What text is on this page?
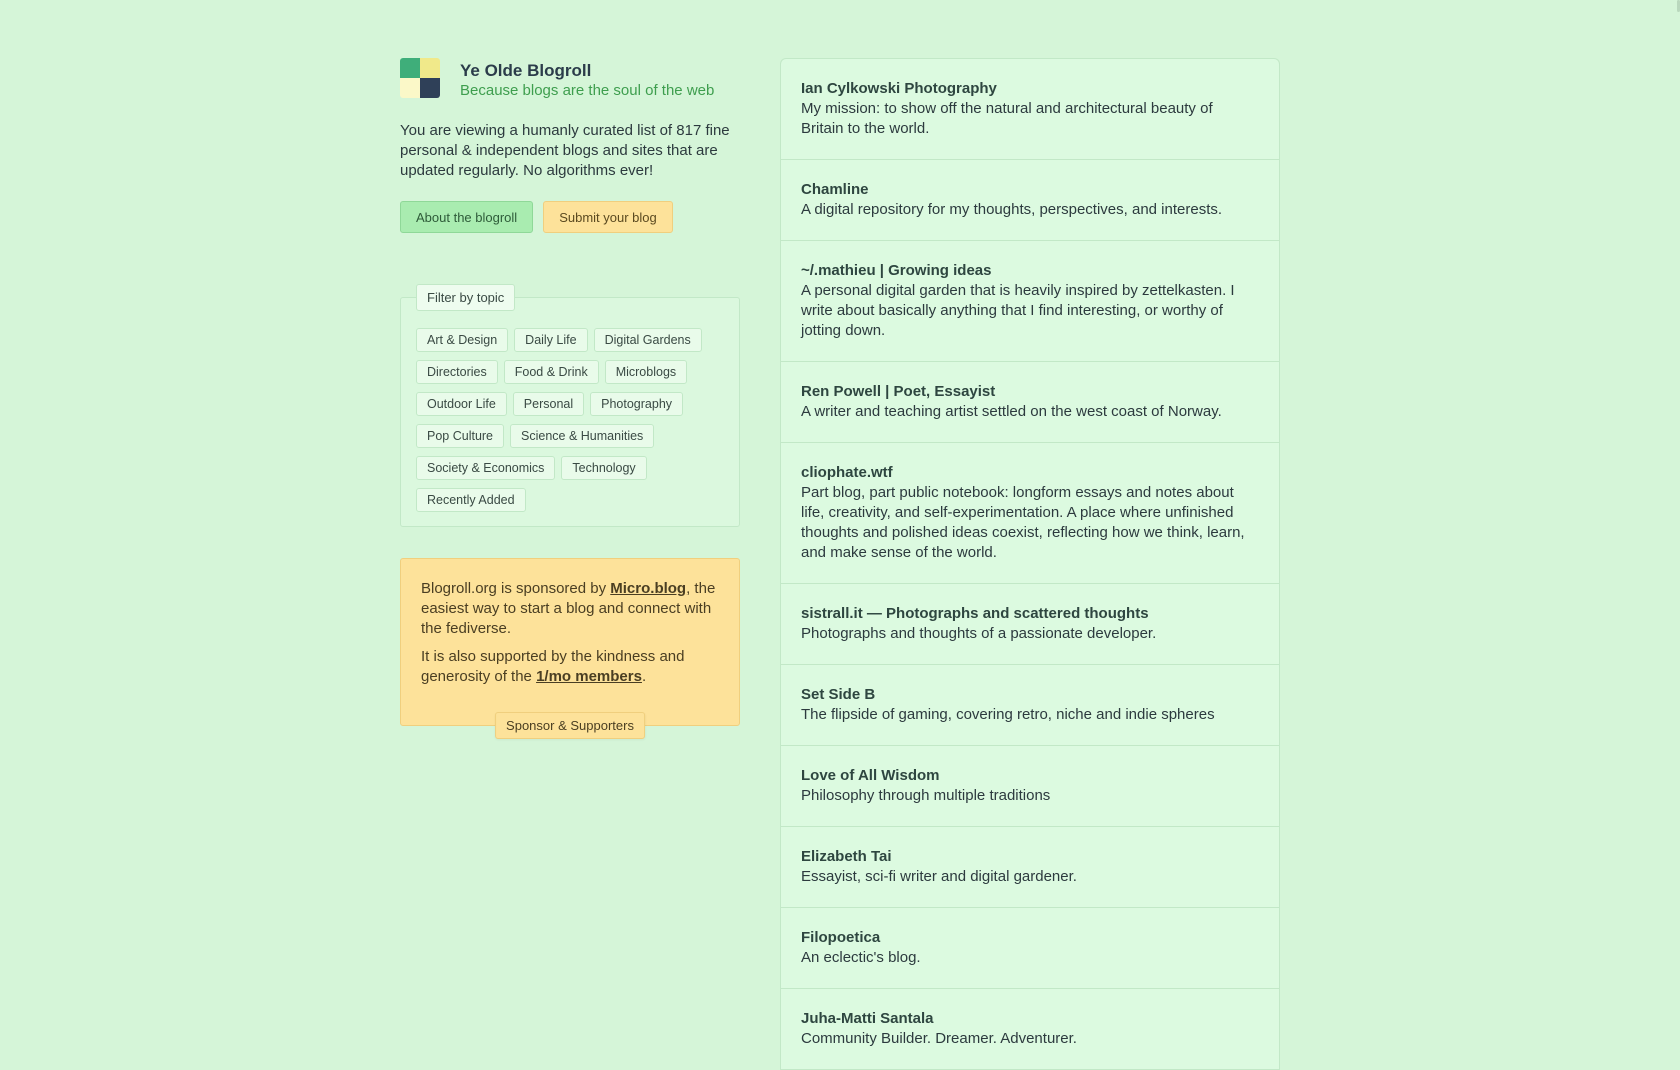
Ye Olde Blogroll
Because blogs are the soul of the web
You are viewing a humanly curated list of 817 fine personal & independent blogs and sites that are updated regularly. No algorithms ever!
About the blogroll	Submit your blog
Filter by topic
Art & Design	Daily Life	Digital Gardens
Directories	Food & Drink	Microblogs
Outdoor Life	Personal	Photography
Pop Culture	Science & Humanities
Society & Economics	Technology
Recently Added

Blogroll.org is sponsored by Micro.blog, the easiest way to start a blog and connect with the fediverse.

It is also supported by the kindness and generosity of the 1/mo members.

Sponsor & Supporters
Ian Cylkowski Photography
My mission: to show off the natural and architectural beauty of Britain to the world.
Chamline
A digital repository for my thoughts, perspectives, and interests.
~/.mathieu | Growing ideas
A personal digital garden that is heavily inspired by zettelkasten. I write about basically anything that I find interesting, or worthy of jotting down.
Ren Powell | Poet, Essayist
A writer and teaching artist settled on the west coast of Norway.
cliophate.wtf
Part blog, part public notebook: longform essays and notes about life, creativity, and self-experimentation. A place where unfinished thoughts and polished ideas coexist, reflecting how we think, learn, and make sense of the world.
sistrall.it — Photographs and scattered thoughts
Photographs and thoughts of a passionate developer.
Set Side B
The flipside of gaming, covering retro, niche and indie spheres
Love of All Wisdom
Philosophy through multiple traditions
Elizabeth Tai
Essayist, sci-fi writer and digital gardener.
Filopoetica
An eclectic's blog.
Juha-Matti Santala
Community Builder. Dreamer. Adventurer.
